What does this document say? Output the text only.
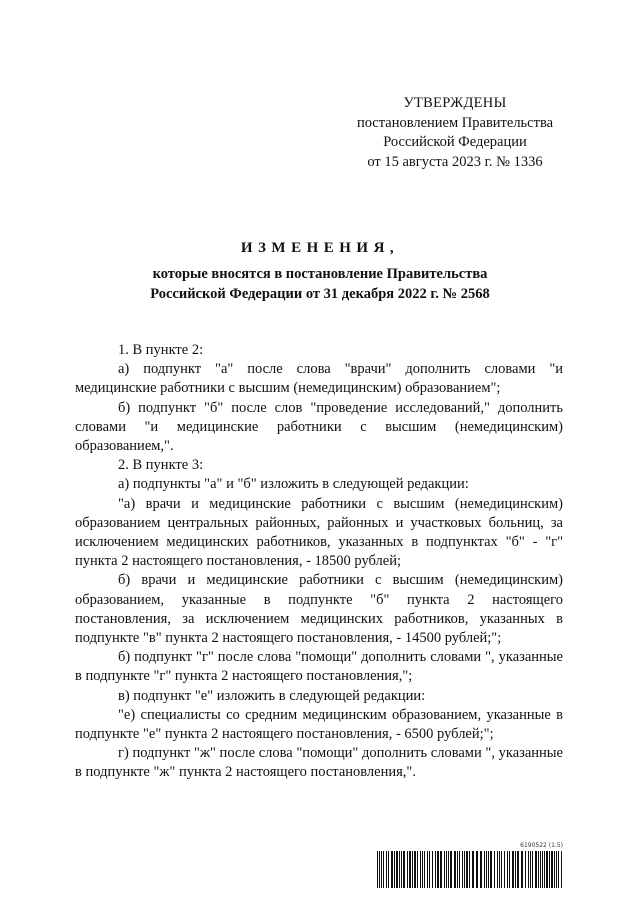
УТВЕРЖДЕНЫ
постановлением Правительства
Российской Федерации
от 15 августа 2023 г. № 1336
ИЗМЕНЕНИЯ,
которые вносятся в постановление Правительства
Российской Федерации от 31 декабря 2022 г. № 2568

1. В пункте 2:

а) подпункт "а" после слова "врачи" дополнить словами "и медицинские работники с высшим (немедицинским) образованием";

б) подпункт "б" после слов "проведение исследований," дополнить словами "и медицинские работники с высшим (немедицинским) образованием,".

2. В пункте 3:

а) подпункты "а" и "б" изложить в следующей редакции:

"а) врачи и медицинские работники с высшим (немедицинским) образованием центральных районных, районных и участковых больниц, за исключением медицинских работников, указанных в подпунктах "б" - "г" пункта 2 настоящего постановления, - 18500 рублей;

б) врачи и медицинские работники с высшим (немедицинским) образованием, указанные в подпункте "б" пункта 2 настоящего постановления, за исключением медицинских работников, указанных в подпункте "в" пункта 2 настоящего постановления, - 14500 рублей;";

б) подпункт "г" после слова "помощи" дополнить словами ", указанные в подпункте "г" пункта 2 настоящего постановления,";

в) подпункт "е" изложить в следующей редакции:

"е) специалисты со средним медицинским образованием, указанные в подпункте "е" пункта 2 настоящего постановления, - 6500 рублей;";

г) подпункт "ж" после слова "помощи" дополнить словами ", указанные в подпункте "ж" пункта 2 настоящего постановления,".

6190522 (1.5)
